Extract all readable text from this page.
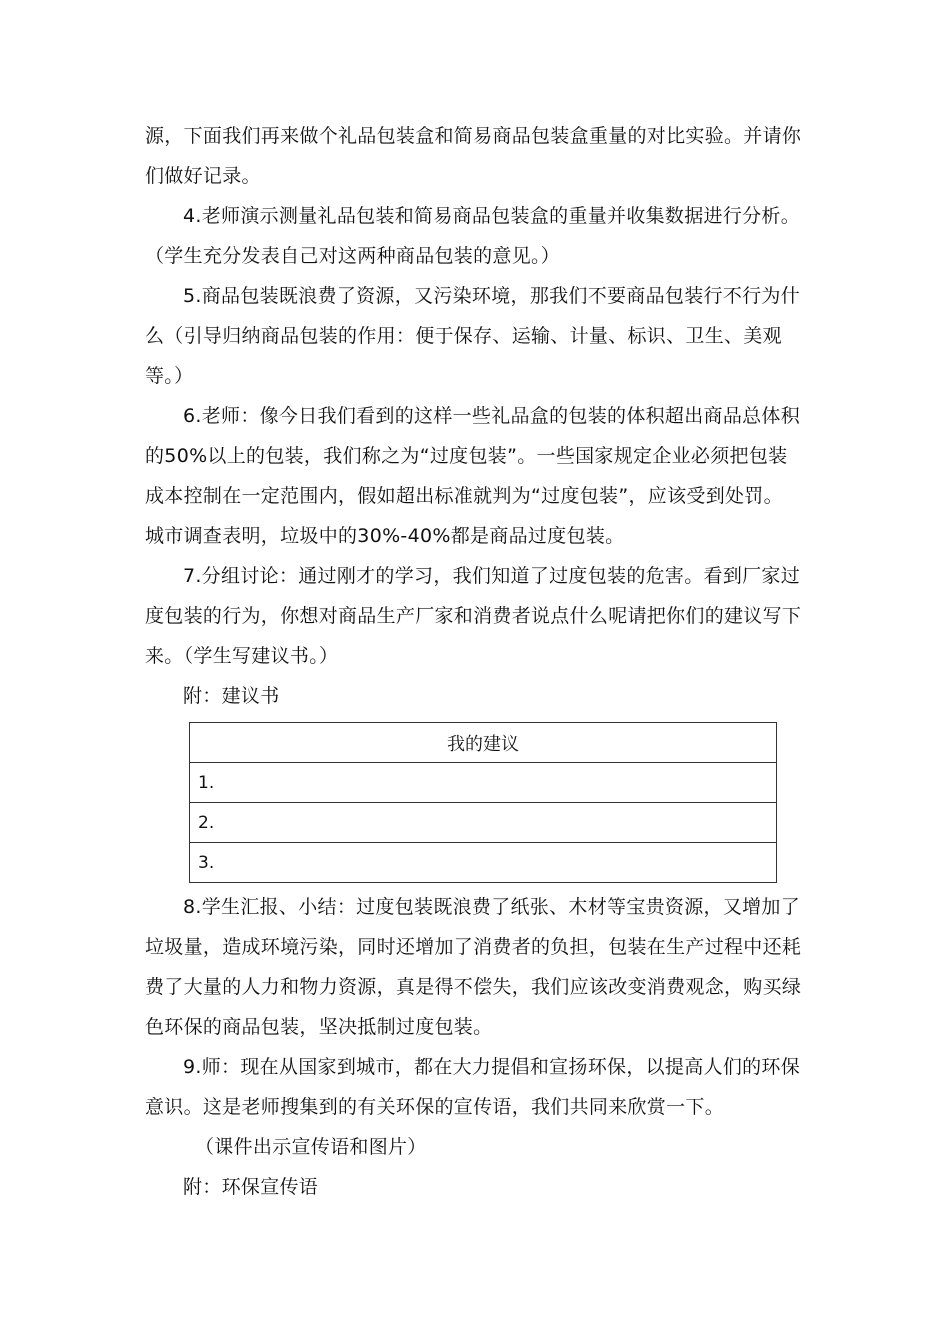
源，下面我们再来做个礼品包装盒和简易商品包装盒重量的对比实验。并请你
们做好记录。
4.老师演示测量礼品包装和简易商品包装盒的重量并收集数据进行分析。
（学生充分发表自己对这两种商品包装的意见。）
5.商品包装既浪费了资源，又污染环境，那我们不要商品包装行不行为什
么（引导归纳商品包装的作用：便于保存、运输、计量、标识、卫生、美观
等。）
6.老师：像今日我们看到的这样一些礼品盒的包装的体积超出商品总体积
的50%以上的包装，我们称之为“过度包装”。一些国家规定企业必须把包装
成本控制在一定范围内，假如超出标准就判为“过度包装”，应该受到处罚。
城市调查表明，垃圾中的30%-40%都是商品过度包装。
7.分组讨论：通过刚才的学习，我们知道了过度包装的危害。看到厂家过
度包装的行为，你想对商品生产厂家和消费者说点什么呢请把你们的建议写下
来。（学生写建议书。）
附：建议书
我的建议
1.
2.
3.
8.学生汇报、小结：过度包装既浪费了纸张、木材等宝贵资源，又增加了
垃圾量，造成环境污染，同时还增加了消费者的负担，包装在生产过程中还耗
费了大量的人力和物力资源，真是得不偿失，我们应该改变消费观念，购买绿
色环保的商品包装，坚决抵制过度包装。
9.师：现在从国家到城市，都在大力提倡和宣扬环保，以提高人们的环保
意识。这是老师搜集到的有关环保的宣传语，我们共同来欣赏一下。
（课件出示宣传语和图片）
附：环保宣传语
